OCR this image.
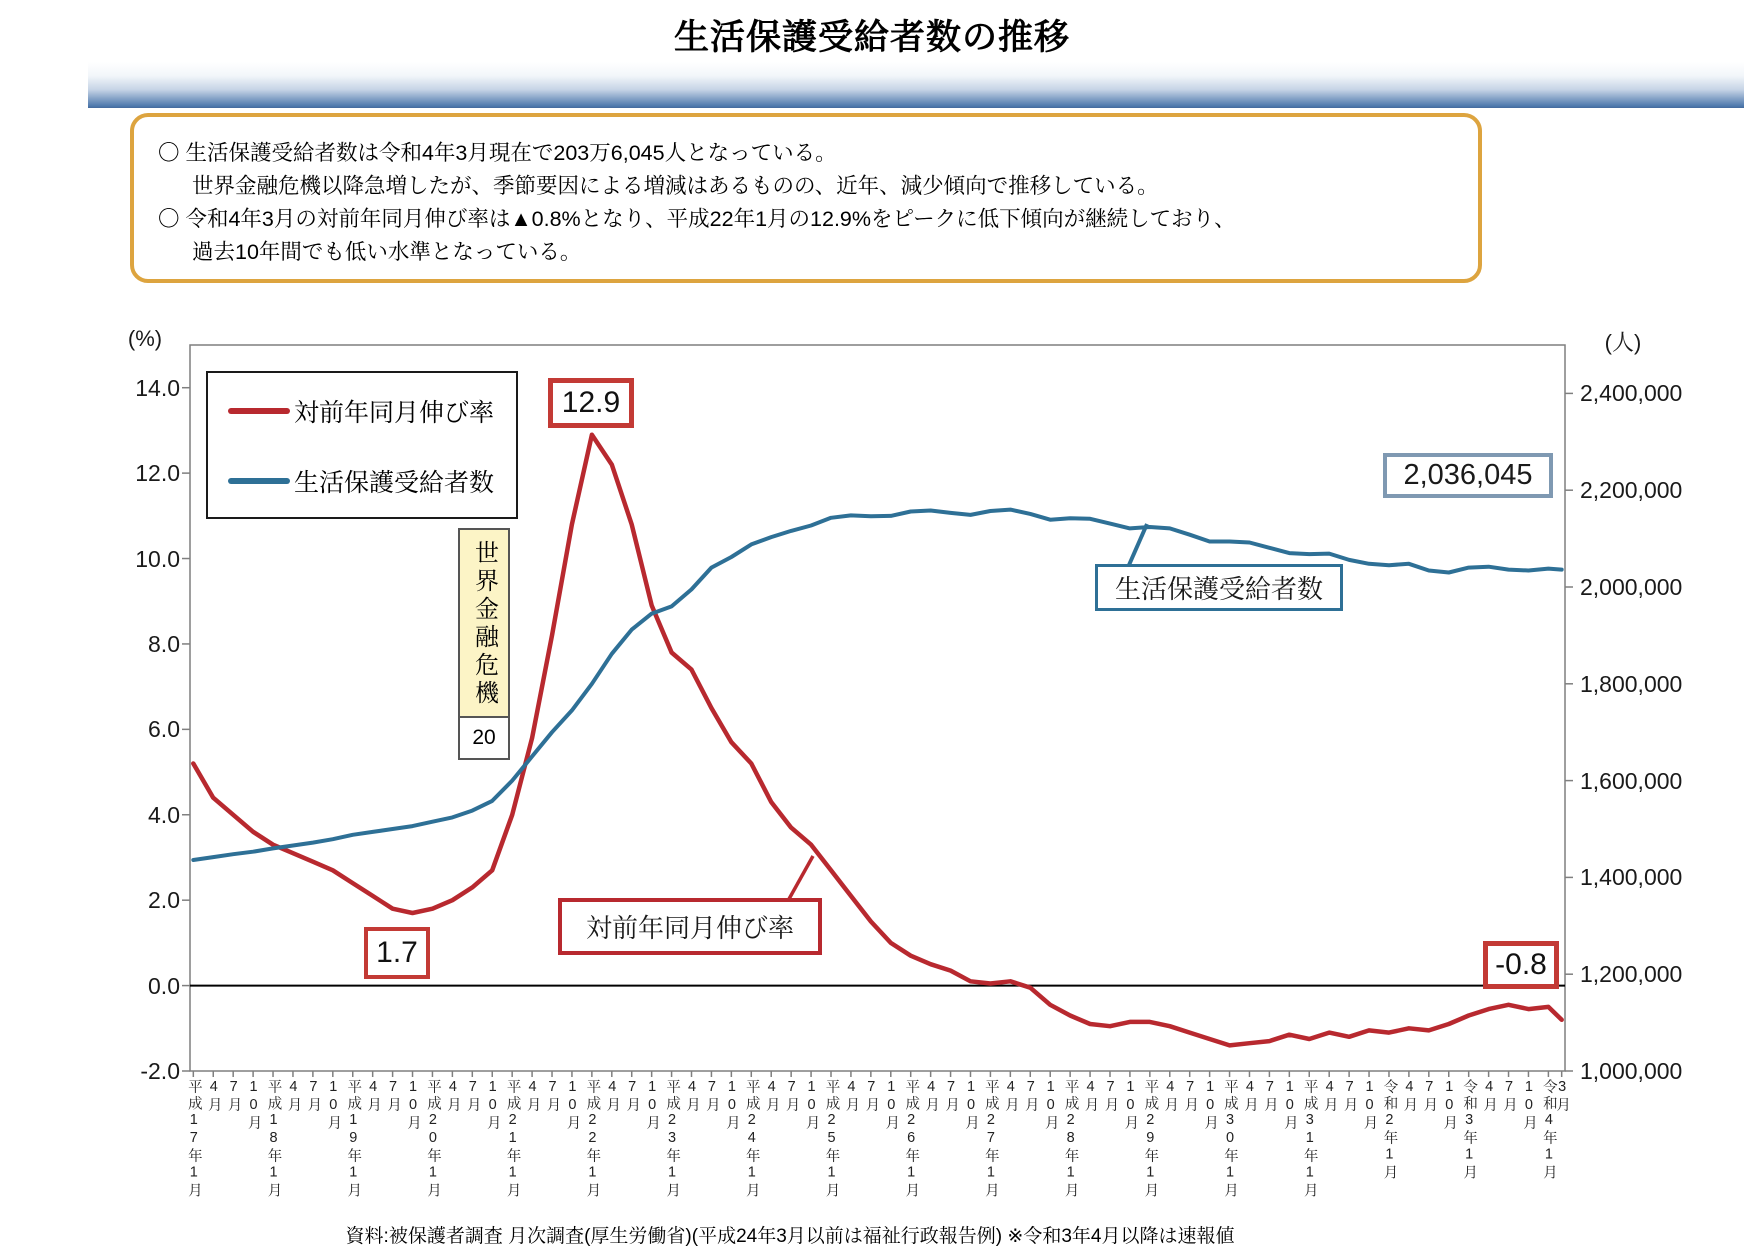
生活保護受給者数の推移
〇 生活保護受給者数は令和4年3月現在で203万6,045人となっている。
世界金融危機以降急増したが、季節要因による増減はあるものの、近年、減少傾向で推移している。
〇 令和4年3月の対前年同月伸び率は▲0.8%となり、平成22年1月の12.9%をピークに低下傾向が継続しており、
過去10年間でも低い水準となっている。
(%)	(人)
-2.0
0.0
2.0
4.0
6.0
8.0
10.0
12.0
14.0
1,000,000
1,200,000
1,400,000
1,600,000
1,800,000
2,000,000
2,200,000
2,400,000
平成17年1月 4月 7月 10月 平成18年1月 4月 7月 10月 平成19年1月 4月 7月 10月 平成20年1月 4月 7月 10月 平成21年1月 4月 7月 10月 平成22年1月 4月 7月 10月 平成23年1月 4月 7月 10月 平成24年1月 4月 7月 10月 平成25年1月 4月 7月 10月 平成26年1月 4月 7月 10月 平成27年1月 4月 7月 10月 平成28年1月 4月 7月 10月 平成29年1月 4月 7月 10月 平成30年1月 4月 7月 10月 平成31年1月 4月 7月 10月 令和2年1月 4月 7月 10月 令和3年1月 4月 7月 10月 令和4年1月
3月
対前年同月伸び率
生活保護受給者数
世界金融危機
20
12.9
1.7	-0.8
対前年同月伸び率
生活保護受給者数
2,036,045
資料:被保護者調査 月次調査(厚生労働省)(平成24年3月以前は福祉行政報告例) ※令和3年4月以降は速報値
